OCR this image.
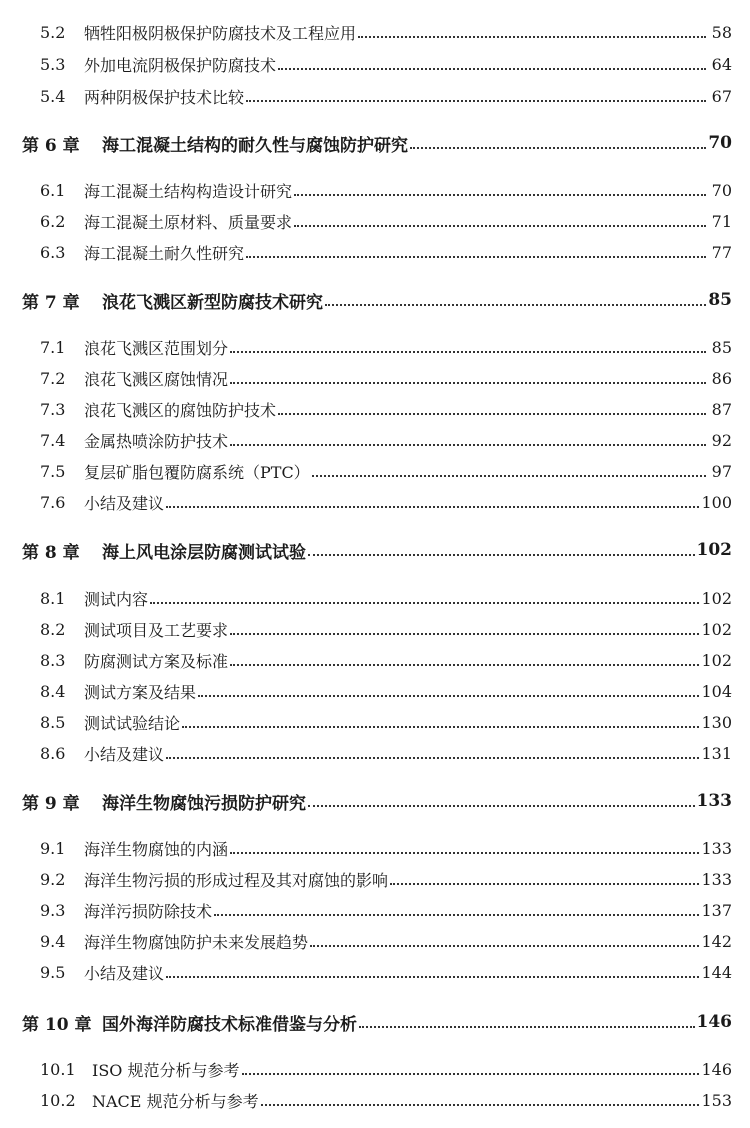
5.2	牺牲阳极阴极保护防腐技术及工程应用	58
5.3	外加电流阴极保护防腐技术	64
5.4	两种阴极保护技术比较	67
第 6 章	海工混凝土结构的耐久性与腐蚀防护研究	70
6.1	海工混凝土结构构造设计研究	70
6.2	海工混凝土原材料、质量要求	71
6.3	海工混凝土耐久性研究	77
第 7 章	浪花飞溅区新型防腐技术研究	85
7.1	浪花飞溅区范围划分	85
7.2	浪花飞溅区腐蚀情况	86
7.3	浪花飞溅区的腐蚀防护技术	87
7.4	金属热喷涂防护技术	92
7.5	复层矿脂包覆防腐系统（PTC）	97
7.6	小结及建议	100
第 8 章	海上风电涂层防腐测试试验	102
8.1	测试内容	102
8.2	测试项目及工艺要求	102
8.3	防腐测试方案及标准	102
8.4	测试方案及结果	104
8.5	测试试验结论	130
8.6	小结及建议	131
第 9 章	海洋生物腐蚀污损防护研究	133
9.1	海洋生物腐蚀的内涵	133
9.2	海洋生物污损的形成过程及其对腐蚀的影响	133
9.3	海洋污损防除技术	137
9.4	海洋生物腐蚀防护未来发展趋势	142
9.5	小结及建议	144
第 10 章 国外海洋防腐技术标准借鉴与分析	146
10.1	ISO 规范分析与参考	146
10.2	NACE 规范分析与参考	153
